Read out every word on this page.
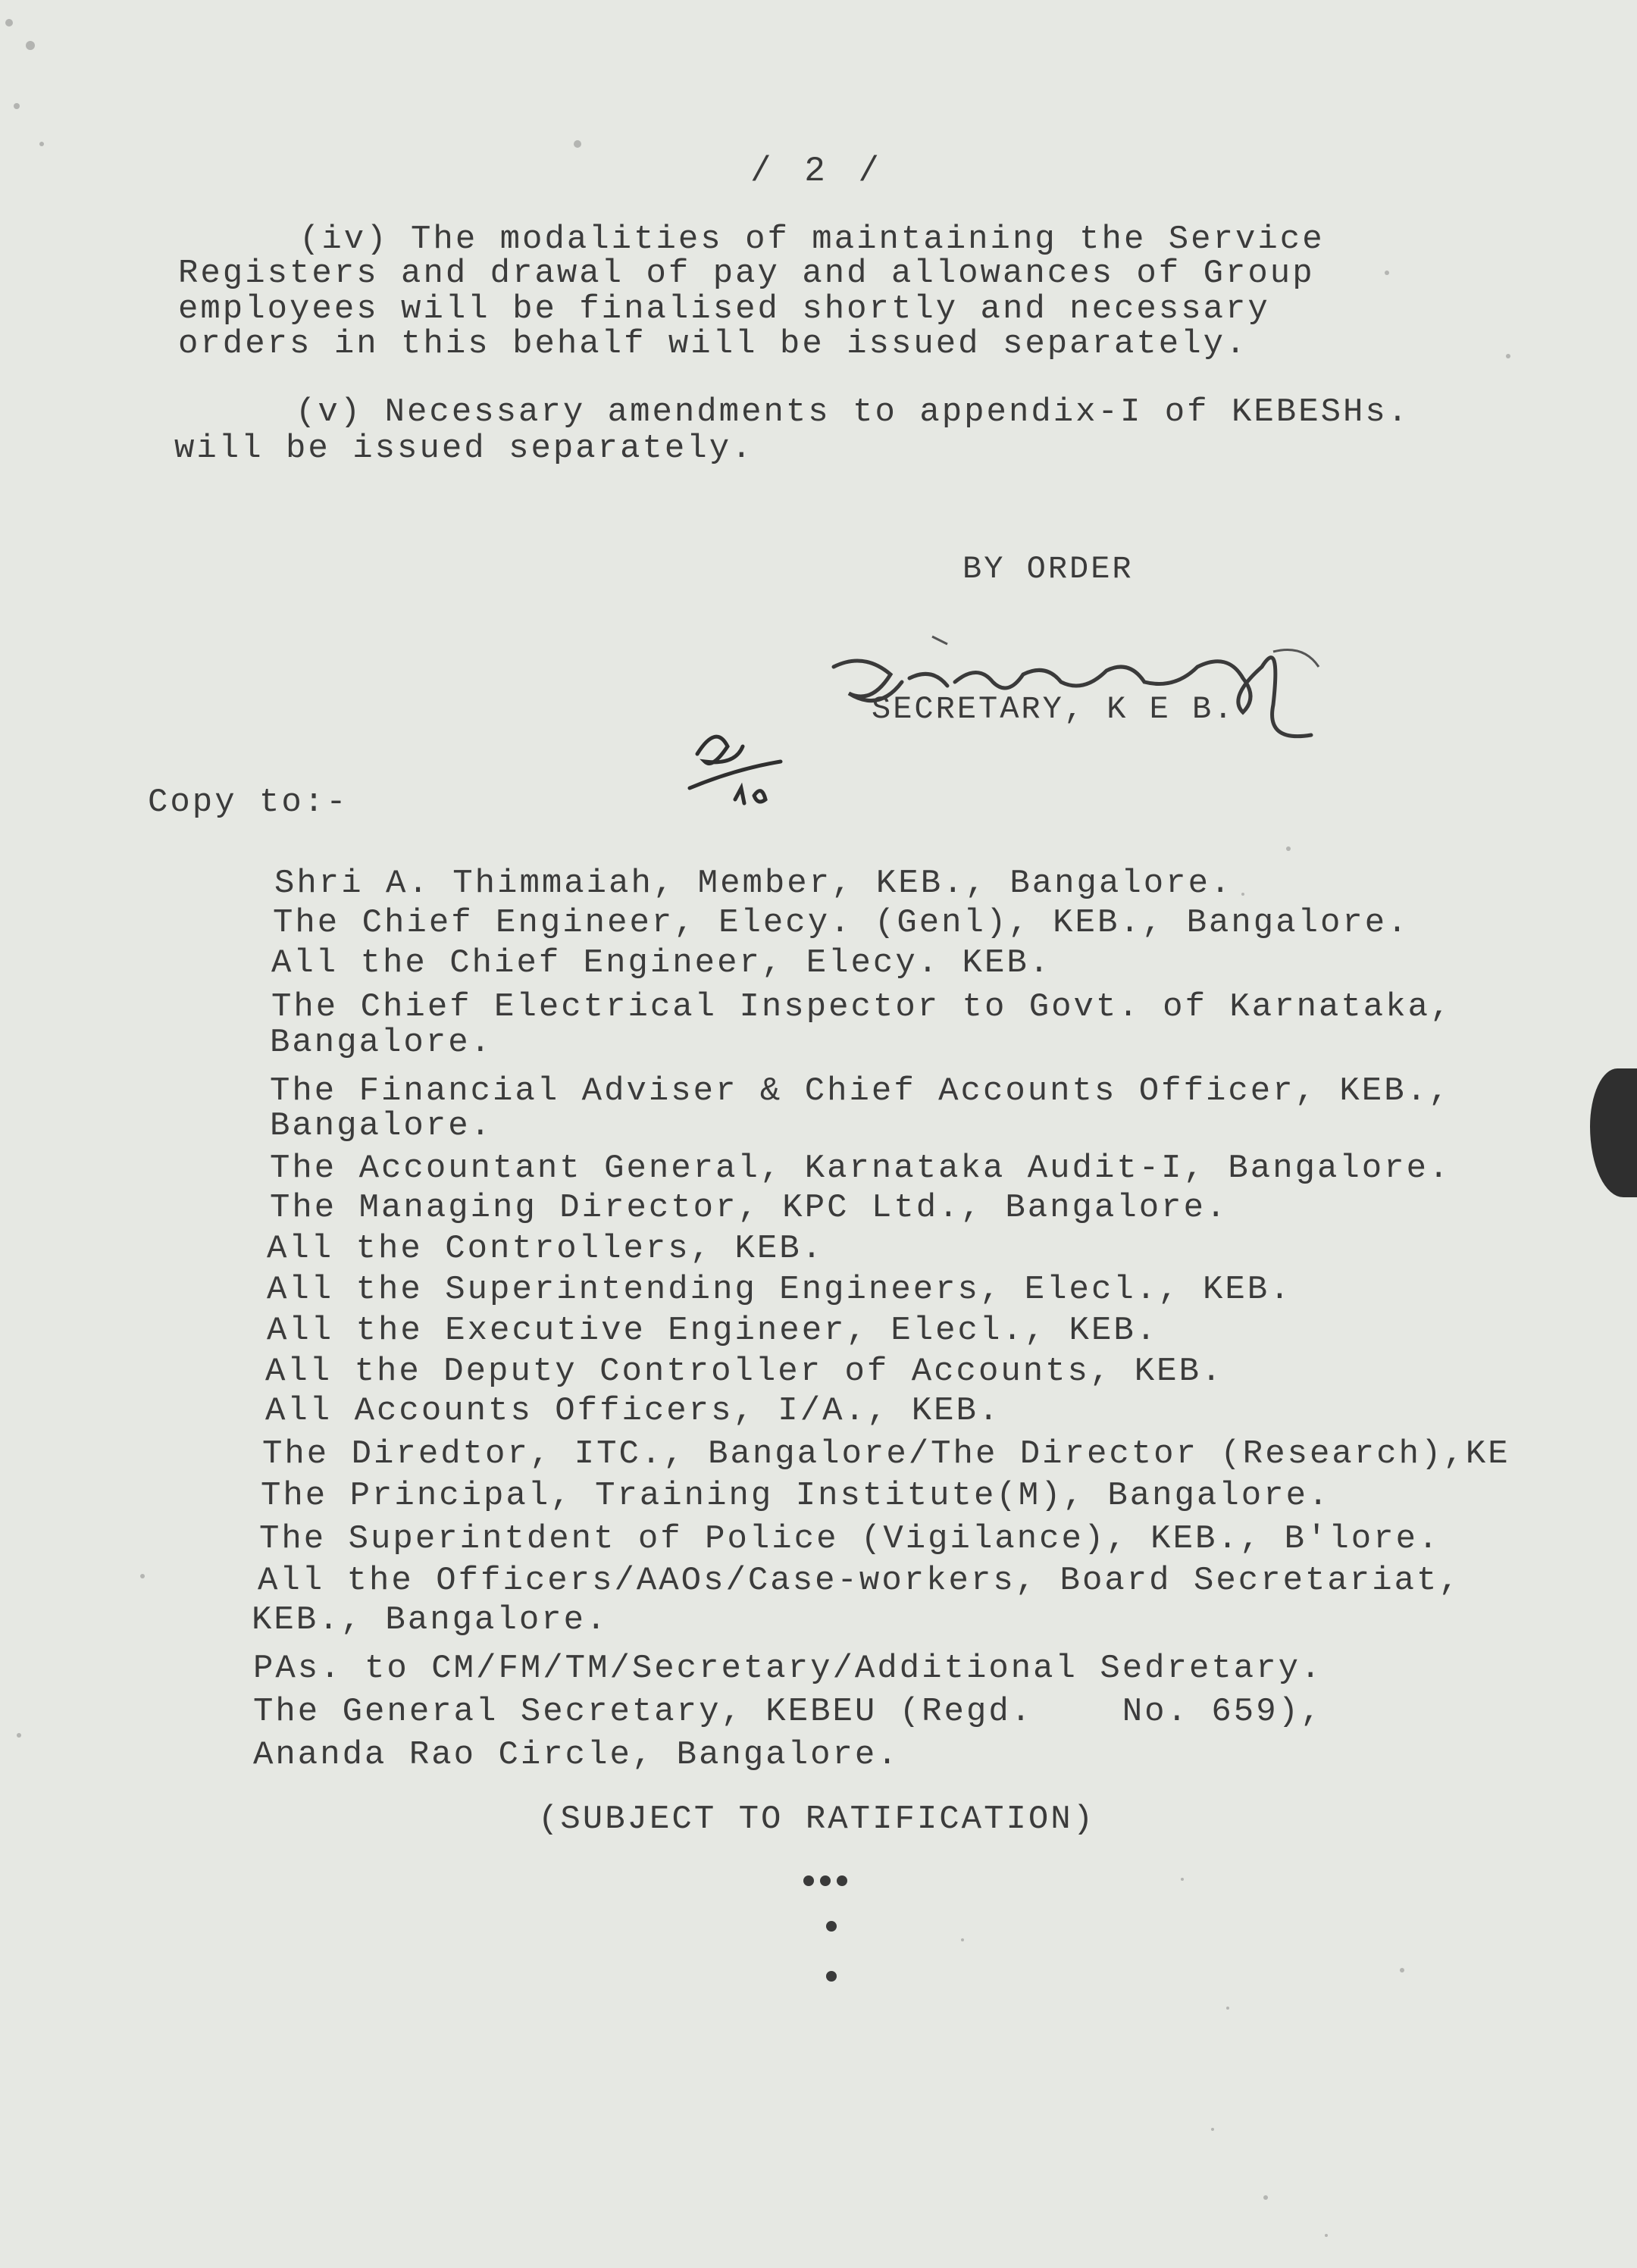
/ 2 /
(iv) The modalities of maintaining the Service
Registers and drawal of pay and allowances of Group
employees will be finalised shortly and necessary
orders in this behalf will be issued separately.
(v) Necessary amendments to appendix-I of KEBESHs.
will be issued separately.
BY ORDER
SECRETARY, K E B.
Copy to:-
Shri A. Thimmaiah, Member, KEB., Bangalore.
The Chief Engineer, Elecy. (Genl), KEB., Bangalore.
All the Chief Engineer, Elecy. KEB.
The Chief Electrical Inspector to Govt. of Karnataka,
Bangalore.
The Financial Adviser & Chief Accounts Officer, KEB.,
Bangalore.
The Accountant General, Karnataka Audit-I, Bangalore.
The Managing Director, KPC Ltd., Bangalore.
All the Controllers, KEB.
All the Superintending Engineers, Elecl., KEB.
All the Executive Engineer, Elecl., KEB.
All the Deputy Controller of Accounts, KEB.
All Accounts Officers, I/A., KEB.
The Diredtor, ITC., Bangalore/The Director (Research),KE
The Principal, Training Institute(M), Bangalore.
The Superintdent of Police (Vigilance), KEB., B'lore.
All the Officers/AAOs/Case-workers, Board Secretariat,
KEB., Bangalore.
PAs. to CM/FM/TM/Secretary/Additional Sedretary.
The General Secretary, KEBEU (Regd.    No. 659),
Ananda Rao Circle, Bangalore.
(SUBJECT TO RATIFICATION)
